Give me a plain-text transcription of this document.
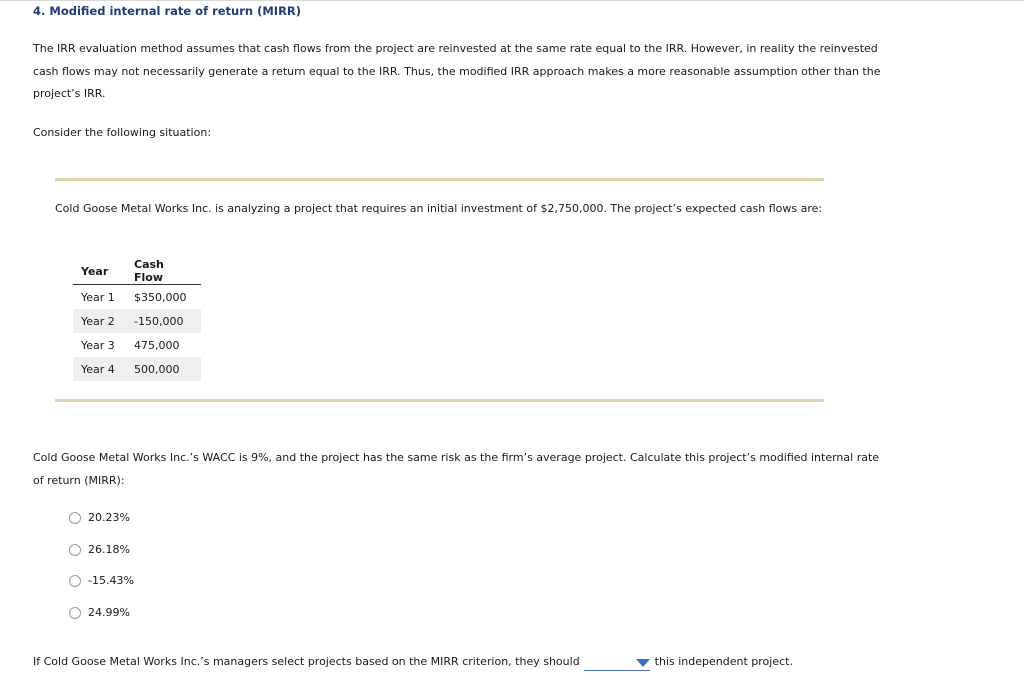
4. Modified internal rate of return (MIRR)
The IRR evaluation method assumes that cash flows from the project are reinvested at the same rate equal to the IRR. However, in reality the reinvested cash flows may not necessarily generate a return equal to the IRR. Thus, the modified IRR approach makes a more reasonable assumption other than the project’s IRR.
Consider the following situation:
Cold Goose Metal Works Inc. is analyzing a project that requires an initial investment of $2,750,000. The project’s expected cash flows are:
Year	Cash Flow
Year 1	$350,000
Year 2	-150,000
Year 3	475,000
Year 4	500,000
Cold Goose Metal Works Inc.’s WACC is 9%, and the project has the same risk as the firm’s average project. Calculate this project’s modified internal rate of return (MIRR):
20.23%
26.18%
-15.43%
24.99%
If Cold Goose Metal Works Inc.’s managers select projects based on the MIRR criterion, they should	this independent project.
